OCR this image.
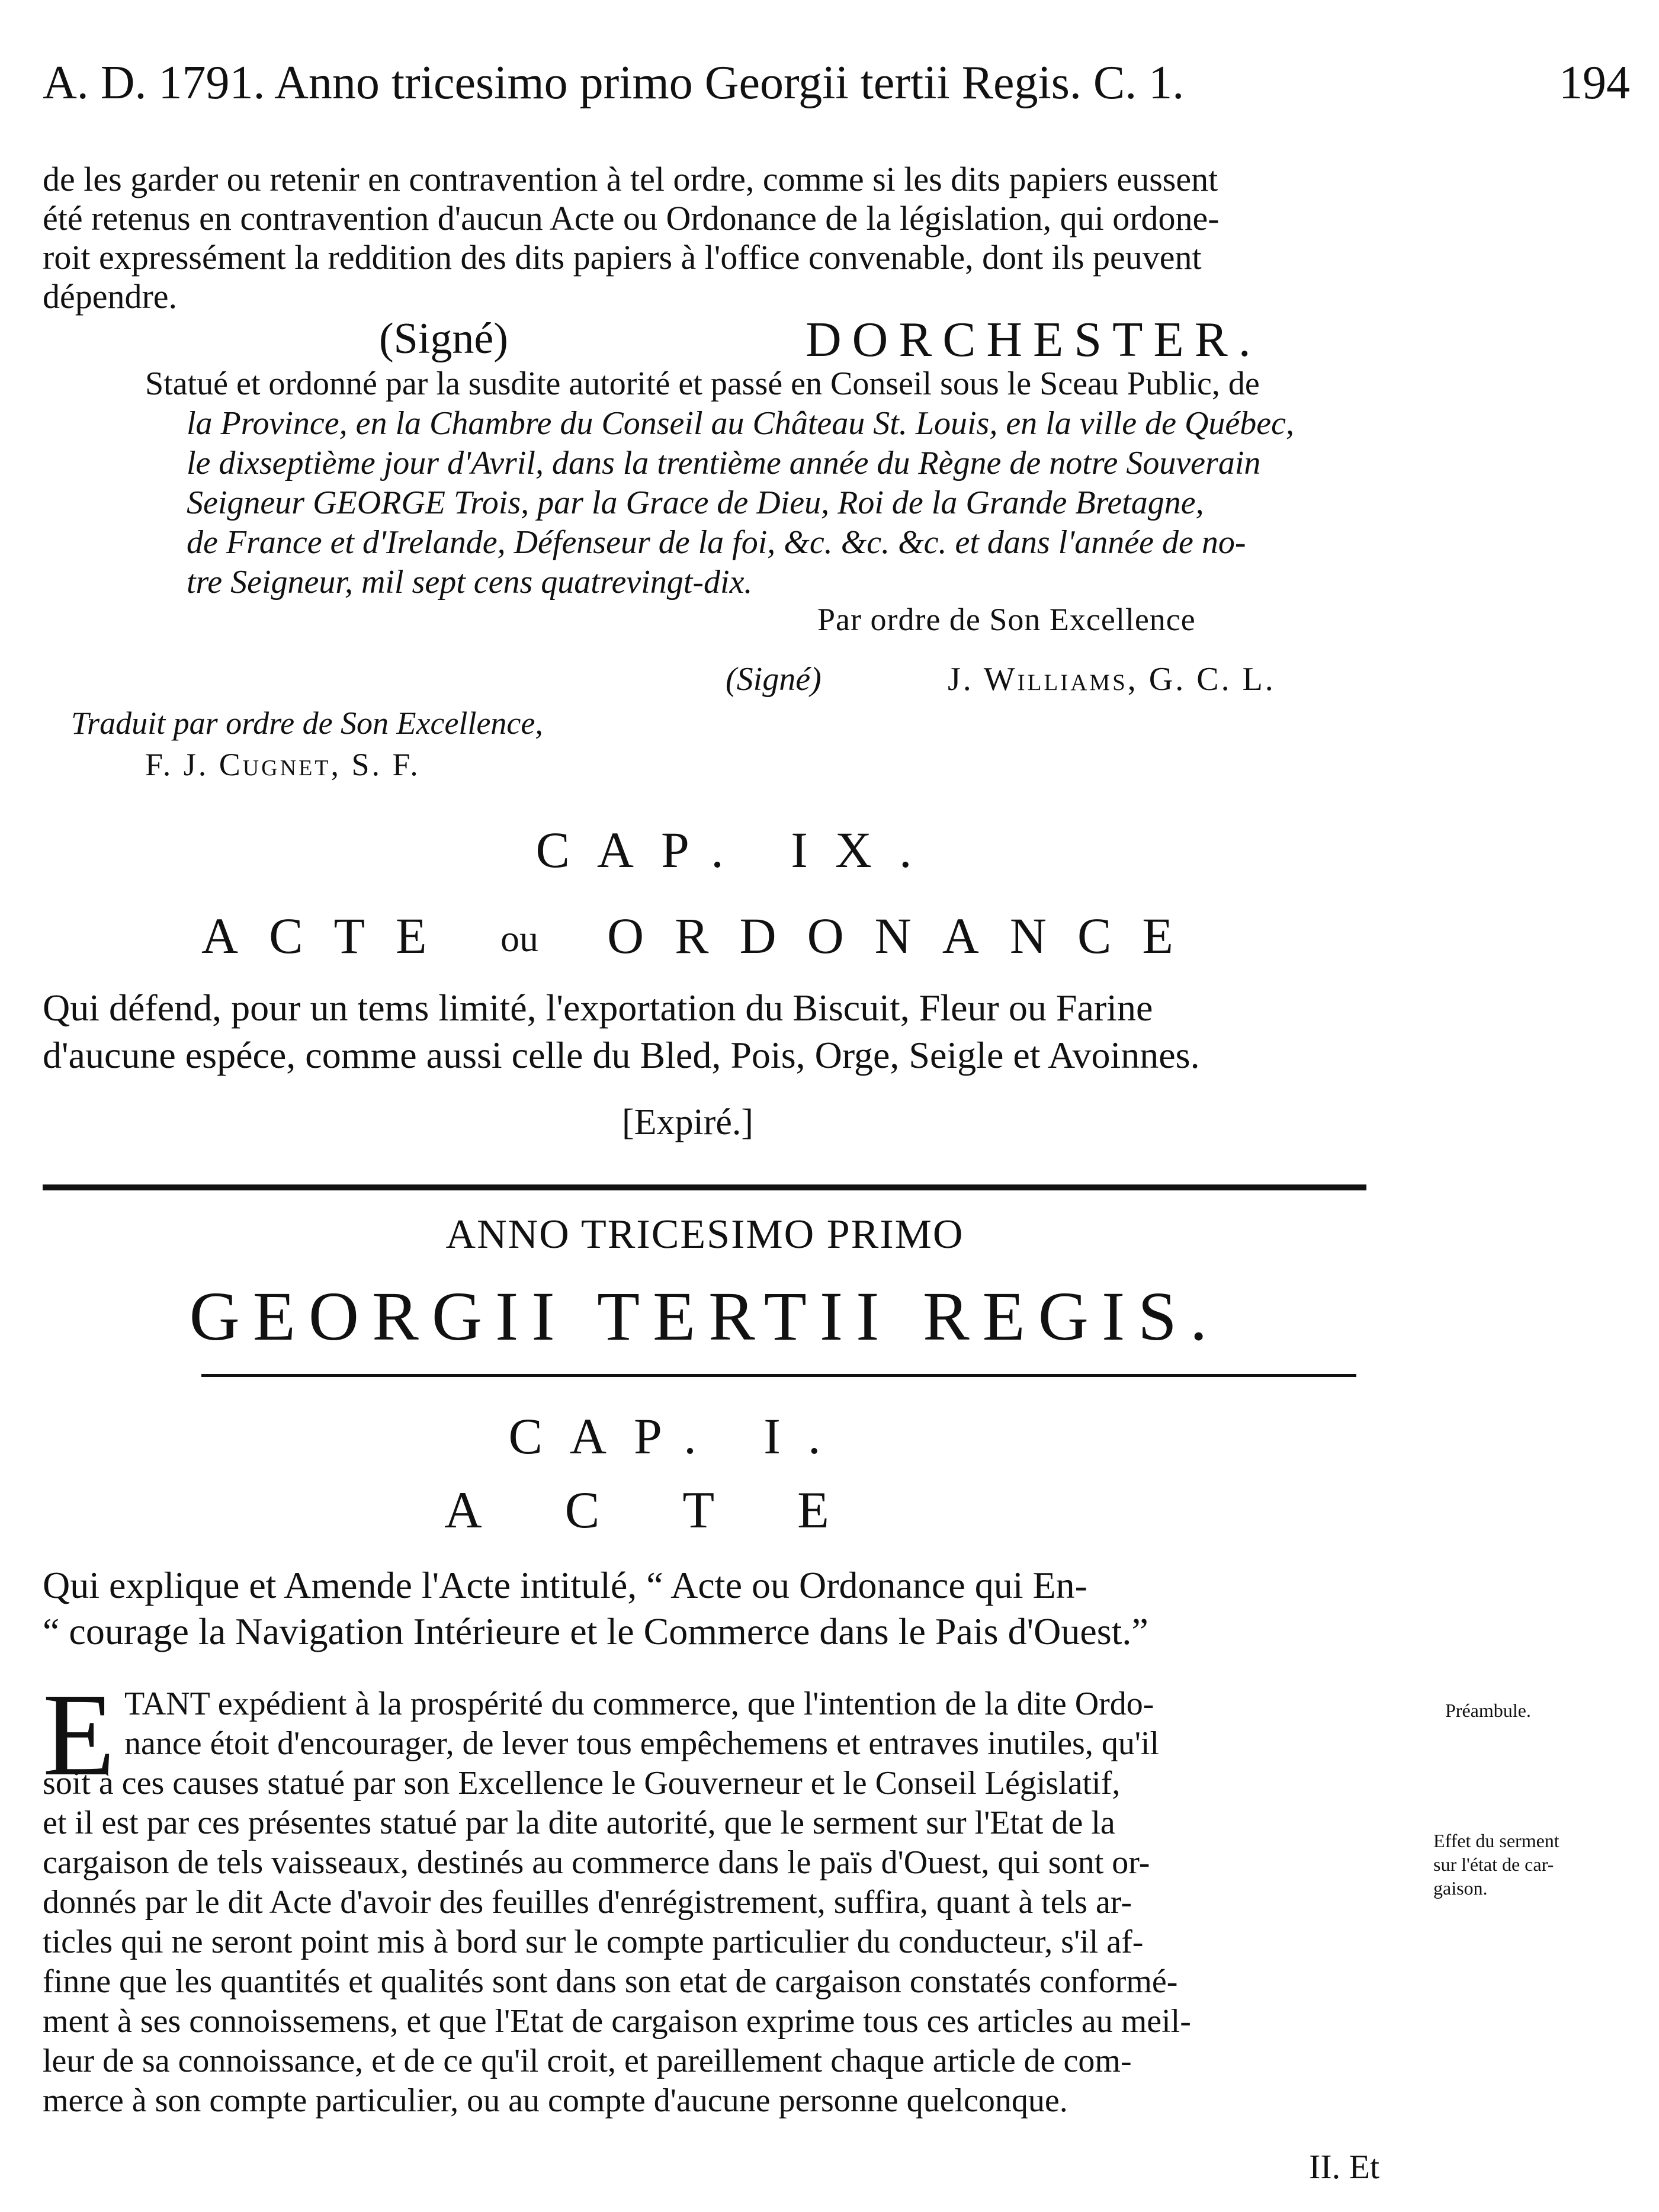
A. D. 1791. Anno tricesimo primo Georgii tertii Regis. C. 1.	194
de les garder ou retenir en contravention à tel ordre, comme si les dits papiers eussent
été retenus en contravention d'aucun Acte ou Ordonance de la législation, qui ordone-
roit expressément la reddition des dits papiers à l'office convenable, dont ils peuvent
dépendre.
(Signé)	DORCHESTER.
Statué et ordonné par la susdite autorité et passé en Conseil sous le Sceau Public, de
la Province, en la Chambre du Conseil au Château St. Louis, en la ville de Québec,
le dixseptième jour d'Avril, dans la trentième année du Règne de notre Souverain
Seigneur GEORGE Trois, par la Grace de Dieu, Roi de la Grande Bretagne,
de France et d'Irelande, Défenseur de la foi, &c. &c. &c. et dans l'année de no-
tre Seigneur, mil sept cens quatrevingt-dix.
Par ordre de Son Excellence
(Signé)	J. Williams, G. C. L.
Traduit par ordre de Son Excellence,
F. J. Cugnet, S. F.
CAP. IX.
ACTE ou ORDONANCE
Qui défend, pour un tems limité, l'exportation du Biscuit, Fleur ou Farine
d'aucune espéce, comme aussi celle du Bled, Pois, Orge, Seigle et Avoinnes.
[Expiré.]
ANNO TRICESIMO PRIMO
GEORGII TERTII REGIS.
CAP. I.
ACTE
Qui explique et Amende l'Acte intitulé, “ Acte ou Ordonance qui En-
“ courage la Navigation Intérieure et le Commerce dans le Pais d'Ouest.”
E TANT expédient à la prospérité du commerce, que l'intention de la dite Ordo-
nance étoit d'encourager, de lever tous empêchemens et entraves inutiles, qu'il
soit à ces causes statué par son Excellence le Gouverneur et le Conseil Législatif,
et il est par ces présentes statué par la dite autorité, que le serment sur l'Etat de la
cargaison de tels vaisseaux, destinés au commerce dans le païs d'Ouest, qui sont or-
donnés par le dit Acte d'avoir des feuilles d'enrégistrement, suffira, quant à tels ar-
ticles qui ne seront point mis à bord sur le compte particulier du conducteur, s'il af-
finne que les quantités et qualités sont dans son etat de cargaison constatés conformé-
ment à ses connoissemens, et que l'Etat de cargaison exprime tous ces articles au meil-
leur de sa connoissance, et de ce qu'il croit, et pareillement chaque article de com-
merce à son compte particulier, ou au compte d'aucune personne quelconque.
Préambule.
Effet du serment
sur l'état de car-
gaison.
II. Et
